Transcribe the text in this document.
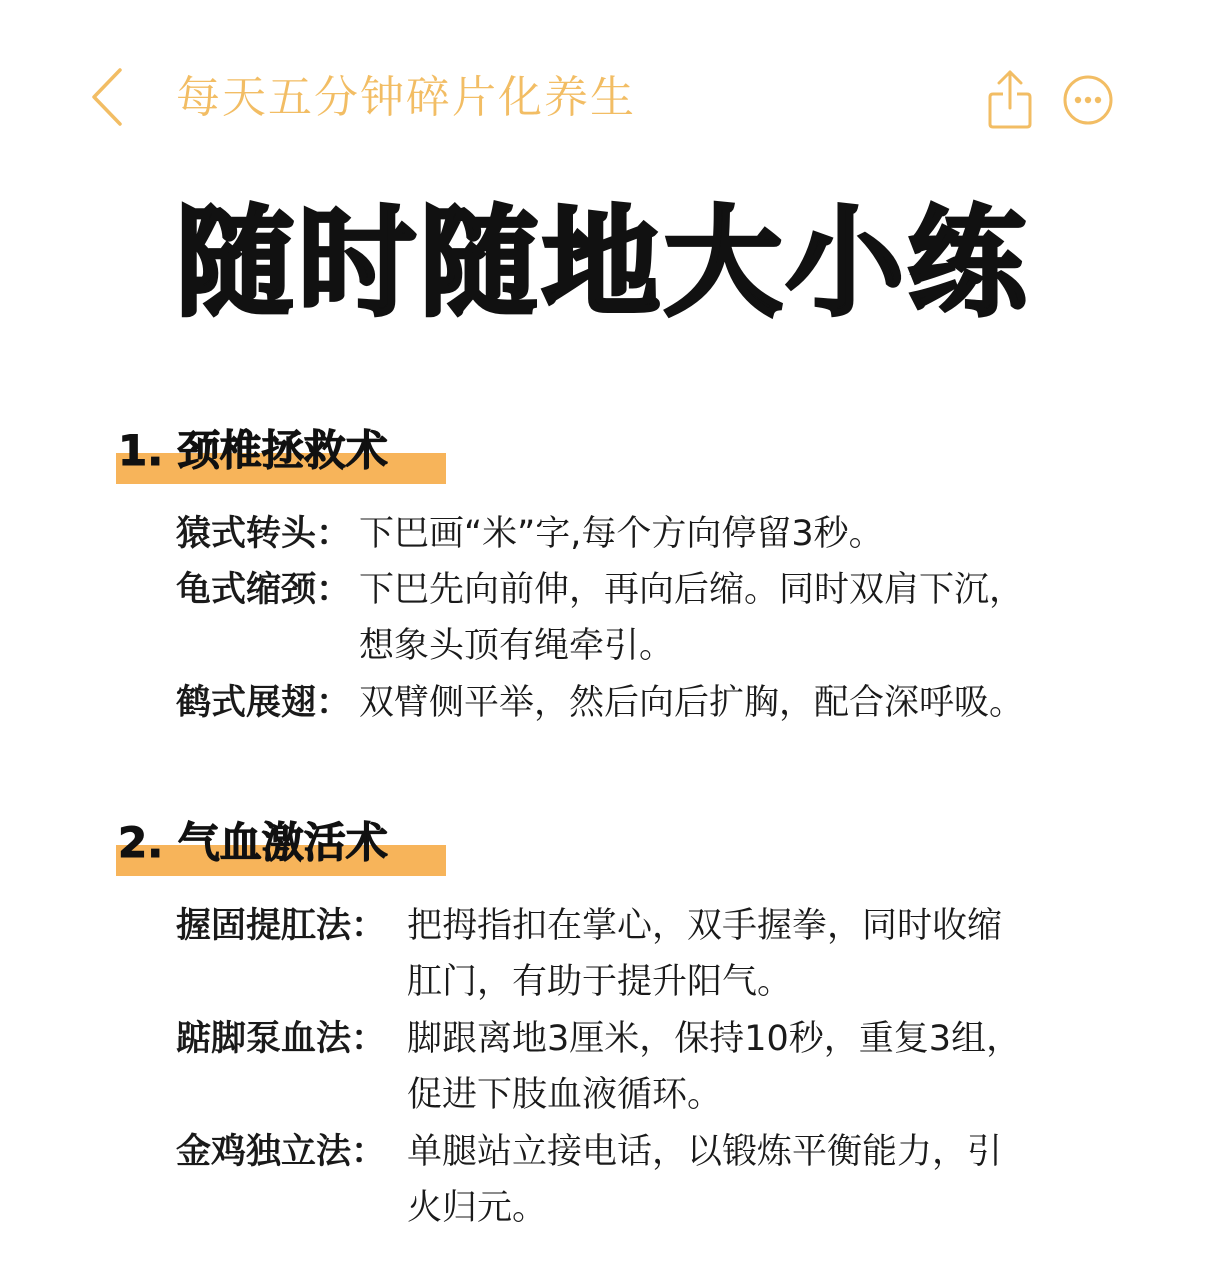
每天五分钟碎片化养生
随时随地大小练
1. 颈椎拯救术
猿式转头： 下巴画“米”字,每个方向停留3秒。
龟式缩颈： 下巴先向前伸，再向后缩。同时双肩下沉，
想象头顶有绳牵引。
鹤式展翅： 双臂侧平举，然后向后扩胸，配合深呼吸。
2. 气血激活术
握固提肛法： 把拇指扣在掌心，双手握拳，同时收缩
肛门，有助于提升阳气。
踮脚泵血法： 脚跟离地3厘米，保持10秒，重复3组，
促进下肢血液循环。
金鸡独立法： 单腿站立接电话，以锻炼平衡能力，引
火归元。
